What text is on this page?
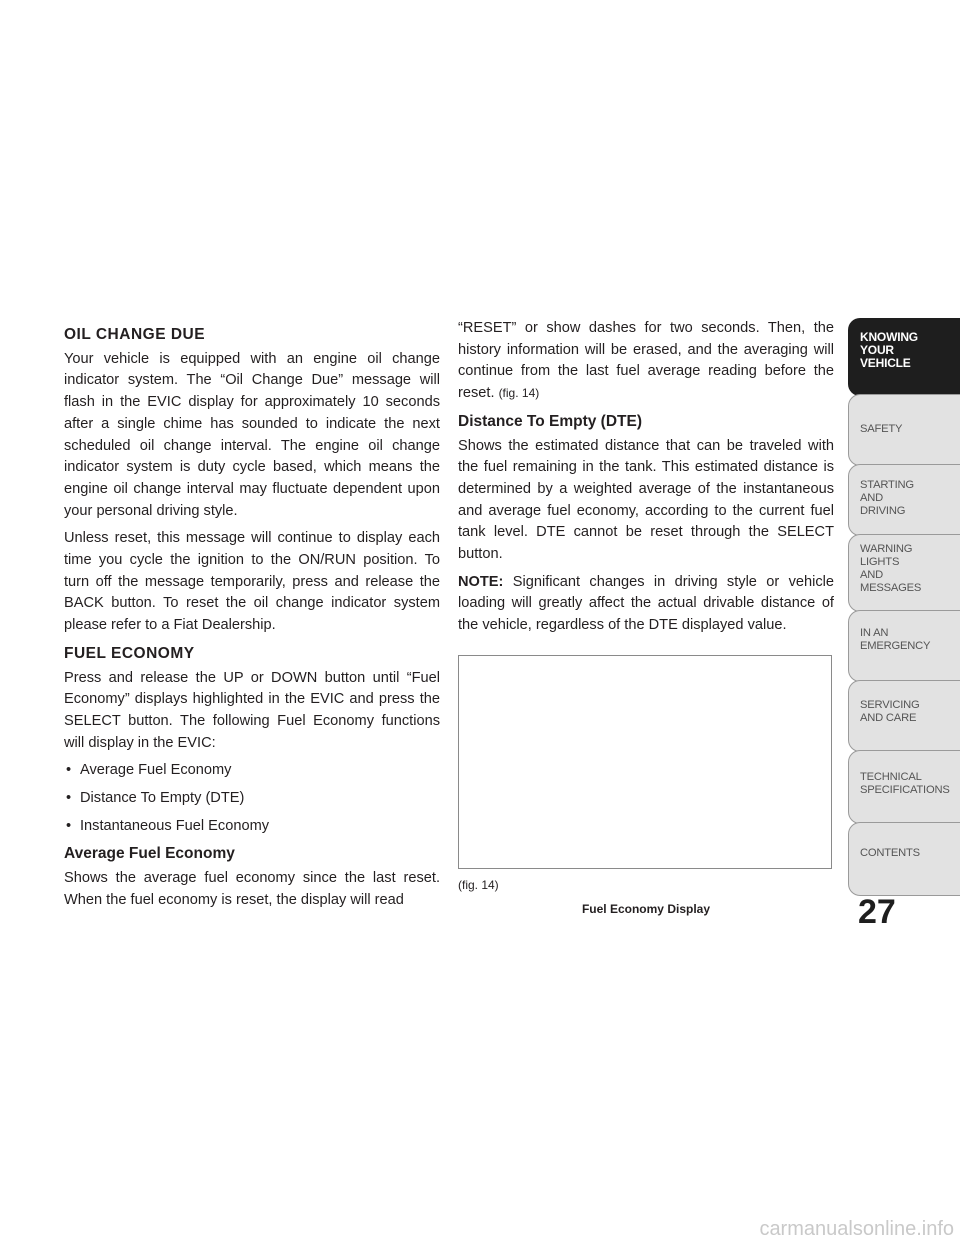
OIL CHANGE DUE

Your vehicle is equipped with an engine oil change indicator system. The “Oil Change Due” message will flash in the EVIC display for approximately 10 seconds after a single chime has sounded to indicate the next scheduled oil change interval. The engine oil change indicator system is duty cycle based, which means the engine oil change interval may fluctuate dependent upon your personal driving style.

Unless reset, this message will continue to display each time you cycle the ignition to the ON/RUN position. To turn off the message temporarily, press and release the BACK button. To reset the oil change indicator system please refer to a Fiat Dealership.

FUEL ECONOMY

Press and release the UP or DOWN button until “Fuel Economy” displays highlighted in the EVIC and press the SELECT button. The following Fuel Economy functions will display in the EVIC:

• Average Fuel Economy
• Distance To Empty (DTE)
• Instantaneous Fuel Economy
Average Fuel Economy

Shows the average fuel economy since the last reset. When the fuel economy is reset, the display will read

“RESET” or show dashes for two seconds. Then, the history information will be erased, and the averaging will continue from the last fuel average reading before the reset. (fig. 14)

Distance To Empty (DTE)

Shows the estimated distance that can be traveled with the fuel remaining in the tank. This estimated distance is determined by a weighted average of the instantaneous and average fuel economy, according to the current fuel tank level. DTE cannot be reset through the SELECT button.

NOTE: Significant changes in driving style or vehicle loading will greatly affect the actual drivable distance of the vehicle, regardless of the DTE displayed value.

(fig. 14)
Fuel Economy Display
KNOWING
YOUR
VEHICLE
SAFETY
STARTING
AND
DRIVING
WARNING
LIGHTS
AND
MESSAGES
IN AN
EMERGENCY
SERVICING
AND CARE
TECHNICAL
SPECIFICATIONS
CONTENTS
27
carmanualsonline.info
